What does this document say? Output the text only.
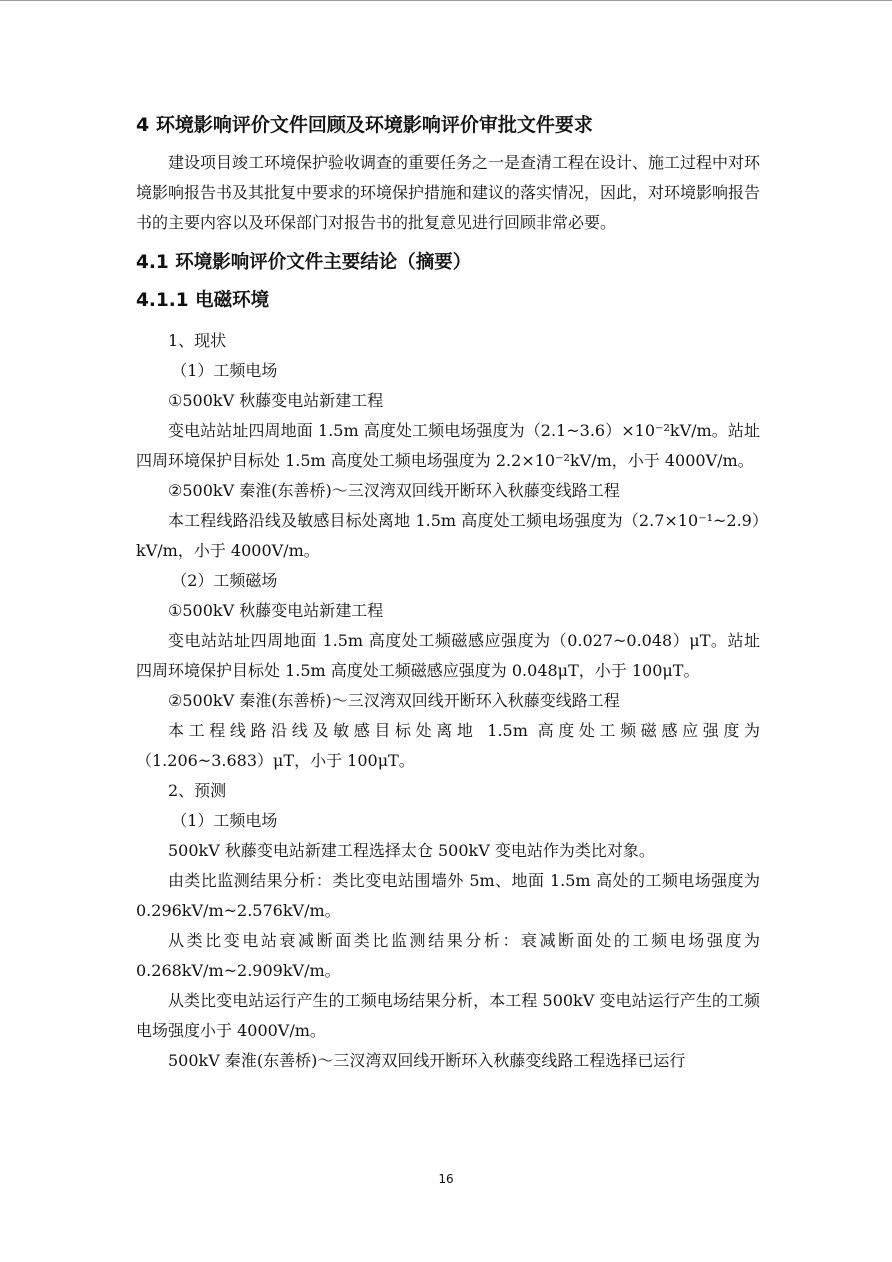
4 环境影响评价文件回顾及环境影响评价审批文件要求

建设项目竣工环境保护验收调查的重要任务之一是查清工程在设计、施工过程中对环境影响报告书及其批复中要求的环境保护措施和建议的落实情况，因此，对环境影响报告书的主要内容以及环保部门对报告书的批复意见进行回顾非常必要。

4.1 环境影响评价文件主要结论（摘要）
4.1.1 电磁环境

1、现状

（1）工频电场

①500kV 秋藤变电站新建工程

变电站站址四周地面 1.5m 高度处工频电场强度为（2.1~3.6）×10⁻²kV/m。站址四周环境保护目标处 1.5m 高度处工频电场强度为 2.2×10⁻²kV/m，小于 4000V/m。

②500kV 秦淮(东善桥)～三汊湾双回线开断环入秋藤变线路工程

本工程线路沿线及敏感目标处离地 1.5m 高度处工频电场强度为（2.7×10⁻¹~2.9）kV/m，小于 4000V/m。

（2）工频磁场

①500kV 秋藤变电站新建工程

变电站站址四周地面 1.5m 高度处工频磁感应强度为（0.027~0.048）μT。站址四周环境保护目标处 1.5m 高度处工频磁感应强度为 0.048μT，小于 100μT。

②500kV 秦淮(东善桥)～三汊湾双回线开断环入秋藤变线路工程

本工程线路沿线及敏感目标处离地 1.5m 高度处工频磁感应强度为（1.206~3.683）μT，小于 100μT。

2、预测

（1）工频电场

500kV 秋藤变电站新建工程选择太仓 500kV 变电站作为类比对象。

由类比监测结果分析：类比变电站围墙外 5m、地面 1.5m 高处的工频电场强度为 0.296kV/m~2.576kV/m。

从类比变电站衰减断面类比监测结果分析：衰减断面处的工频电场强度为 0.268kV/m~2.909kV/m。

从类比变电站运行产生的工频电场结果分析，本工程 500kV 变电站运行产生的工频电场强度小于 4000V/m。

500kV 秦淮(东善桥)～三汊湾双回线开断环入秋藤变线路工程选择已运行

16
